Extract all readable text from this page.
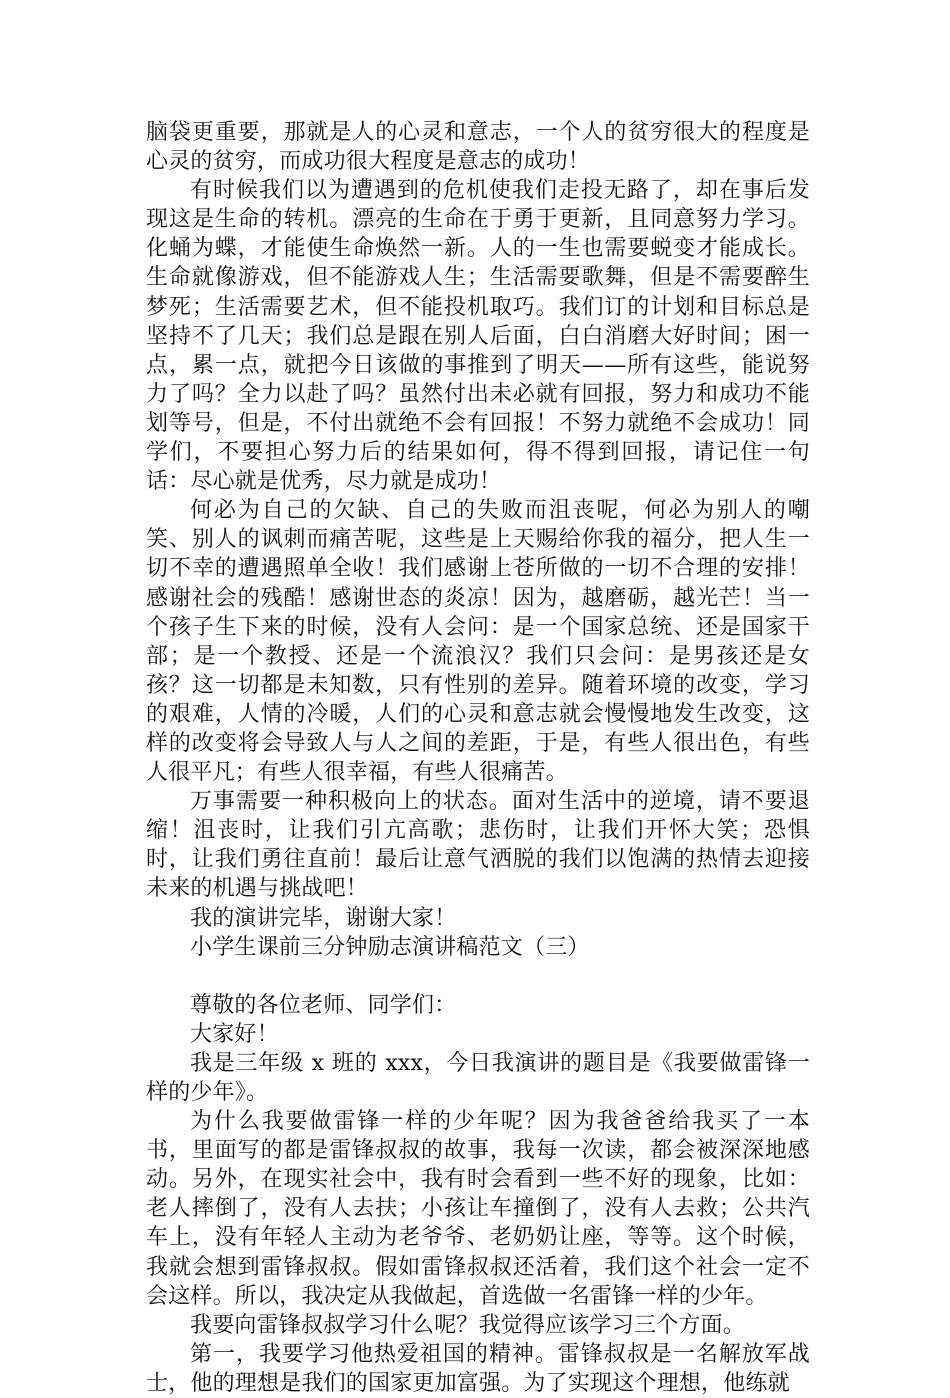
脑袋更重要，那就是人的心灵和意志，一个人的贫穷很大的程度是心灵的贫穷，而成功很大程度是意志的成功！

有时候我们以为遭遇到的危机使我们走投无路了，却在事后发现这是生命的转机。漂亮的生命在于勇于更新，且同意努力学习。化蛹为蝶，才能使生命焕然一新。人的一生也需要蜕变才能成长。生命就像游戏，但不能游戏人生；生活需要歌舞，但是不需要醉生梦死；生活需要艺术，但不能投机取巧。我们订的计划和目标总是坚持不了几天；我们总是跟在别人后面，白白消磨大好时间；困一点，累一点，就把今日该做的事推到了明天——所有这些，能说努力了吗？全力以赴了吗？虽然付出未必就有回报，努力和成功不能划等号，但是，不付出就绝不会有回报！不努力就绝不会成功！同学们，不要担心努力后的结果如何，得不得到回报，请记住一句话：尽心就是优秀，尽力就是成功！

何必为自己的欠缺、自己的失败而沮丧呢，何必为别人的嘲笑、别人的讽刺而痛苦呢，这些是上天赐给你我的福分，把人生一切不幸的遭遇照单全收！我们感谢上苍所做的一切不合理的安排！感谢社会的残酷！感谢世态的炎凉！因为，越磨砺，越光芒！当一个孩子生下来的时候，没有人会问：是一个国家总统、还是国家干部；是一个教授、还是一个流浪汉？我们只会问：是男孩还是女孩？这一切都是未知数，只有性别的差异。随着环境的改变，学习的艰难，人情的冷暖，人们的心灵和意志就会慢慢地发生改变，这样的改变将会导致人与人之间的差距，于是，有些人很出色，有些人很平凡；有些人很幸福，有些人很痛苦。

万事需要一种积极向上的状态。面对生活中的逆境，请不要退缩！沮丧时，让我们引亢高歌；悲伤时，让我们开怀大笑；恐惧时，让我们勇往直前！最后让意气洒脱的我们以饱满的热情去迎接未来的机遇与挑战吧！

我的演讲完毕，谢谢大家！

小学生课前三分钟励志演讲稿范文（三）

尊敬的各位老师、同学们：

大家好！

我是三年级 x 班的 xxx，今日我演讲的题目是《我要做雷锋一样的少年》。

为什么我要做雷锋一样的少年呢？因为我爸爸给我买了一本书，里面写的都是雷锋叔叔的故事，我每一次读，都会被深深地感动。另外，在现实社会中，我有时会看到一些不好的现象，比如：老人摔倒了，没有人去扶；小孩让车撞倒了，没有人去救；公共汽车上，没有年轻人主动为老爷爷、老奶奶让座，等等。这个时候，我就会想到雷锋叔叔。假如雷锋叔叔还活着，我们这个社会一定不会这样。所以，我决定从我做起，首选做一名雷锋一样的少年。

我要向雷锋叔叔学习什么呢？我觉得应该学习三个方面。

第一，我要学习他热爱祖国的精神。雷锋叔叔是一名解放军战士，他的理想是我们的国家更加富强。为了实现这个理想，他练就
